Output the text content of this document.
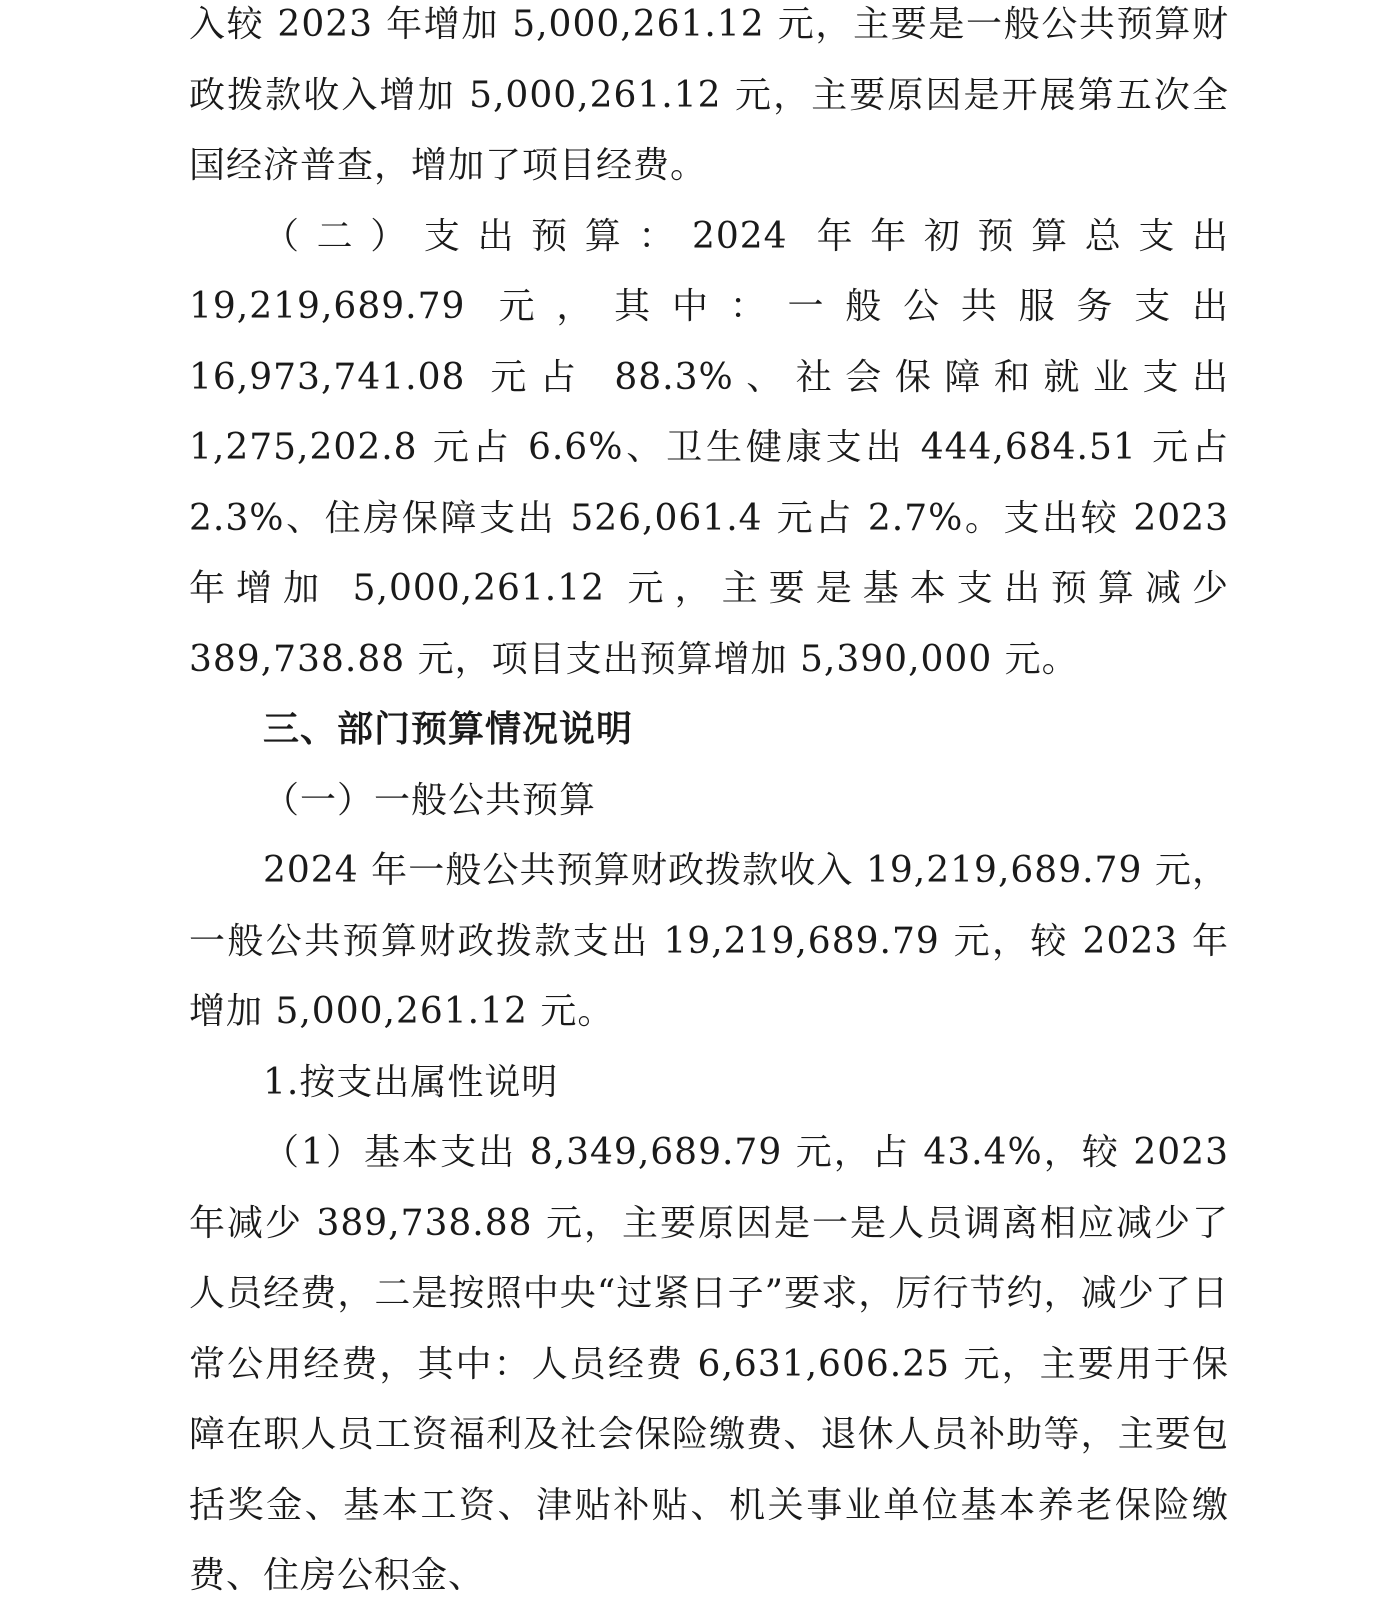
入较 2023 年增加 5,000,261.12 元，主要是一般公共预算财政拨款收入增加 5,000,261.12 元，主要原因是开展第五次全国经济普查，增加了项目经费。

（二）支出预算：2024 年年初预算总支出 19,219,689.79 元，其中：一般公共服务支出 16,973,741.08 元占 88.3%、社会保障和就业支出 1,275,202.8 元占 6.6%、卫生健康支出 444,684.51 元占 2.3%、住房保障支出 526,061.4 元占 2.7%。支出较 2023 年增加 5,000,261.12 元，主要是基本支出预算减少 389,738.88 元，项目支出预算增加 5,390,000 元。

三、部门预算情况说明

（一）一般公共预算

2024 年一般公共预算财政拨款收入 19,219,689.79 元，一般公共预算财政拨款支出 19,219,689.79 元，较 2023 年增加 5,000,261.12 元。

1.按支出属性说明

（1）基本支出 8,349,689.79 元，占 43.4%，较 2023 年减少 389,738.88 元，主要原因是一是人员调离相应减少了人员经费，二是按照中央“过紧日子”要求，厉行节约，减少了日常公用经费，其中：人员经费 6,631,606.25 元，主要用于保障在职人员工资福利及社会保险缴费、退休人员补助等，主要包括奖金、基本工资、津贴补贴、机关事业单位基本养老保险缴费、住房公积金、
